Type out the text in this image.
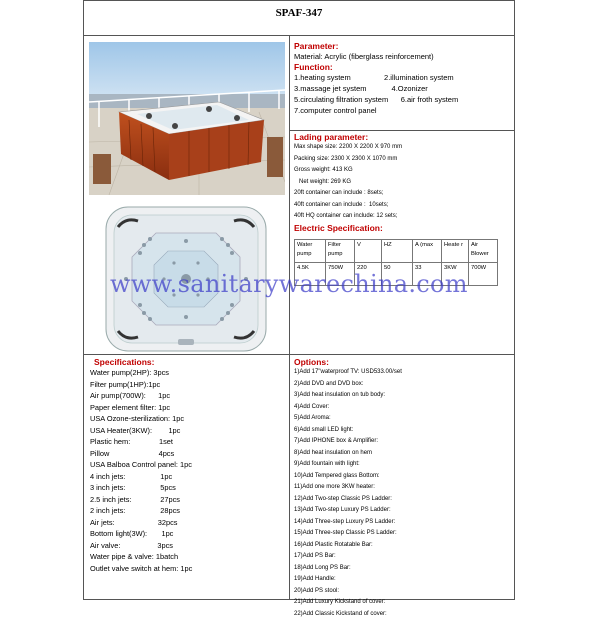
SPAF-347
Parameter:
Material: Acrylic (fiberglass reinforcement)
Function:
1.heating system                2.illumination system
3.massage jet system            4.Ozonizer
5.circulating filtration system      6.air froth system
7.computer control panel
Lading parameter:
Max shape size: 2200 X 2200 X 970 mm
Packing size: 2300 X 2300 X 1070 mm
Gross weight: 413 KG
Net weight: 269 KG
20ft container can include : 8sets;
40ft container can include :  10sets;
40ft HQ container can include: 12 sets;
Electric Specification:
Water pump	Filter pump	V	HZ	A (max	Heate r	Air Blower
4.5K	750W	220	50	33	3KW	700W
Specifications:
Water pump(2HP): 3pcs
Filter pump(1HP):1pc
Air pump(700W):      1pc
Paper element filter: 1pc
USA Ozone-sterilization: 1pc
USA Heater(3KW):        1pc
Plastic hem:              1set
Pillow                        4pcs
USA Balboa Control panel: 1pc
4 inch jets:                 1pc
3 inch jets:                 5pcs
2.5 inch jets:              27pcs
2 inch jets:                 28pcs
Air jets:                     32pcs
Bottom light(3W):       1pc
Air valve:                  3pcs
Water pipe & valve: 1batch
Outlet valve switch at hem: 1pc
Options:
1)Add 17"waterproof TV: USD533.00/set
2)Add DVD and DVD box:
3)Add heat insulation on tub body:
4)Add Cover:
5)Add Aroma:
6)Add small LED light:
7)Add IPHONE box & Amplifier:
8)Add heat insulation on hem
9)Add fountain with light:
10)Add Tempered glass Bottom:
11)Add one more 3KW heater:
12)Add Two-step Classic PS Ladder:
13)Add Two-step Luxury PS Ladder:
14)Add Three-step Luxury PS Ladder:
15)Add Three-step Classic PS Ladder:
16)Add Plastic Rotatable Bar:
17)Add PS Bar:
18)Add Long PS Bar:
19)Add Handle:
20)Add PS stool:
21)Add Luxury Kickstand of cover:
22)Add Classic Kickstand of cover:
www.sanitarywarechina.com
